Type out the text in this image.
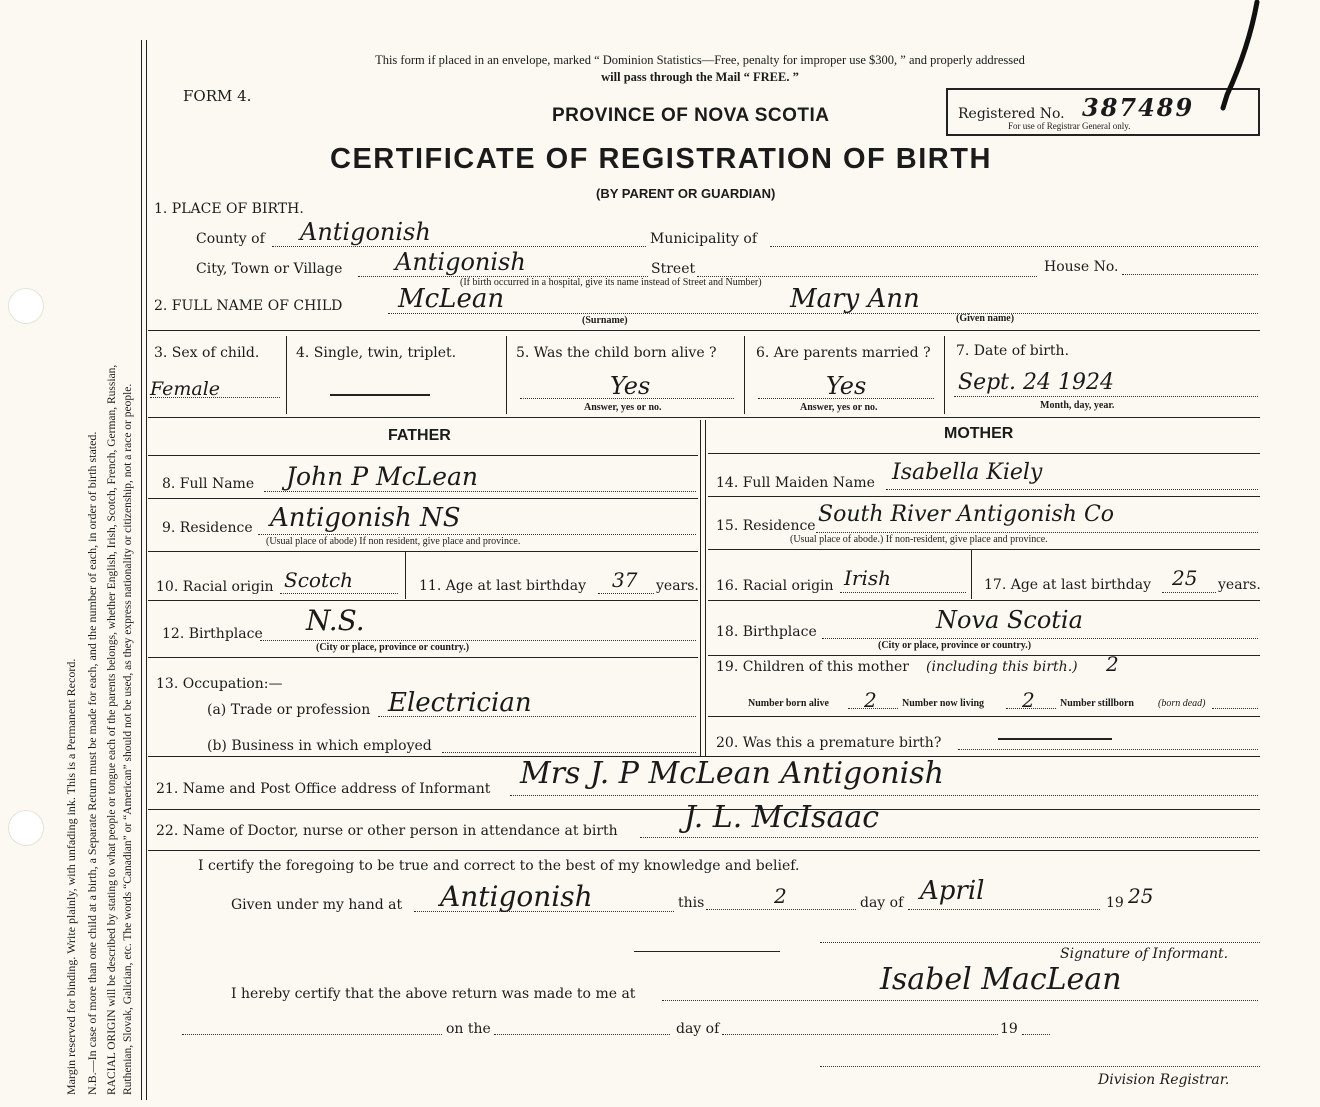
Margin reserved for binding. Write plainly, with unfading ink. This is a Permanent Record. N.B.—In case of more than one child at a birth, a Separate Return must be made for each, and the number of each, in order of birth stated. RACIAL ORIGIN will be described by stating to what people or tongue each of the parents belongs, whether English, Irish, Scotch, French, German, Russian, Ruthenian, Slovak, Galician, etc. The words “Canadian” or “American” should not be used, as they express nationality or citizenship, not a race or people.
This form if placed in an envelope, marked “ Dominion Statistics—Free, penalty for improper use $300, ” and properly addressed
will pass through the Mail “ FREE. ”
FORM 4.
PROVINCE OF NOVA SCOTIA	Registered No. 387489
For use of Registrar General only.
CERTIFICATE OF REGISTRATION OF BIRTH
(BY PARENT OR GUARDIAN)
1. PLACE OF BIRTH.
County of Antigonish	Municipality of
City, Town or Village Antigonish	Street	House No.
(If birth occurred in a hospital, give its name instead of Street and Number)
2. FULL NAME OF CHILD McLean	Mary Ann
(Surname)	(Given name)
3. Sex of child.
Female
4. Single, twin, triplet.	5. Was the child born alive ?
Yes
Answer, yes or no.
6. Are parents married ?
Yes
Answer, yes or no.
7. Date of birth.
Sept. 24 1924
Month, day, year.
FATHER	MOTHER
8. Full Name John P McLean
9. Residence Antigonish NS
(Usual place of abode) If non resident, give place and province.
10. Racial origin Scotch	11. Age at last birthday 37 years.
12. Birthplace N.S.
(City or place, province or country.)
13. Occupation:—
(a) Trade or profession Electrician
(b) Business in which employed
14. Full Maiden Name Isabella Kiely
15. Residence South River Antigonish Co
(Usual place of abode.) If non-resident, give place and province.
16. Racial origin Irish	17. Age at last birthday 25 years.
18. Birthplace	Nova Scotia
(City or place, province or country.)
19. Children of this mother (including this birth.) 2
Number born alive 2	Number now living 2	Number stillborn (born dead)
20. Was this a premature birth?
21. Name and Post Office address of Informant Mrs J. P McLean Antigonish
22. Name of Doctor, nurse or other person in attendance at birth J. L. McIsaac
I certify the foregoing to be true and correct to the best of my knowledge and belief.
Given under my hand at Antigonish	this	2	day of April	19 25
Signature of Informant.
Isabel MacLean
I hereby certify that the above return was made to me at
on the	day of	19
Division Registrar.
